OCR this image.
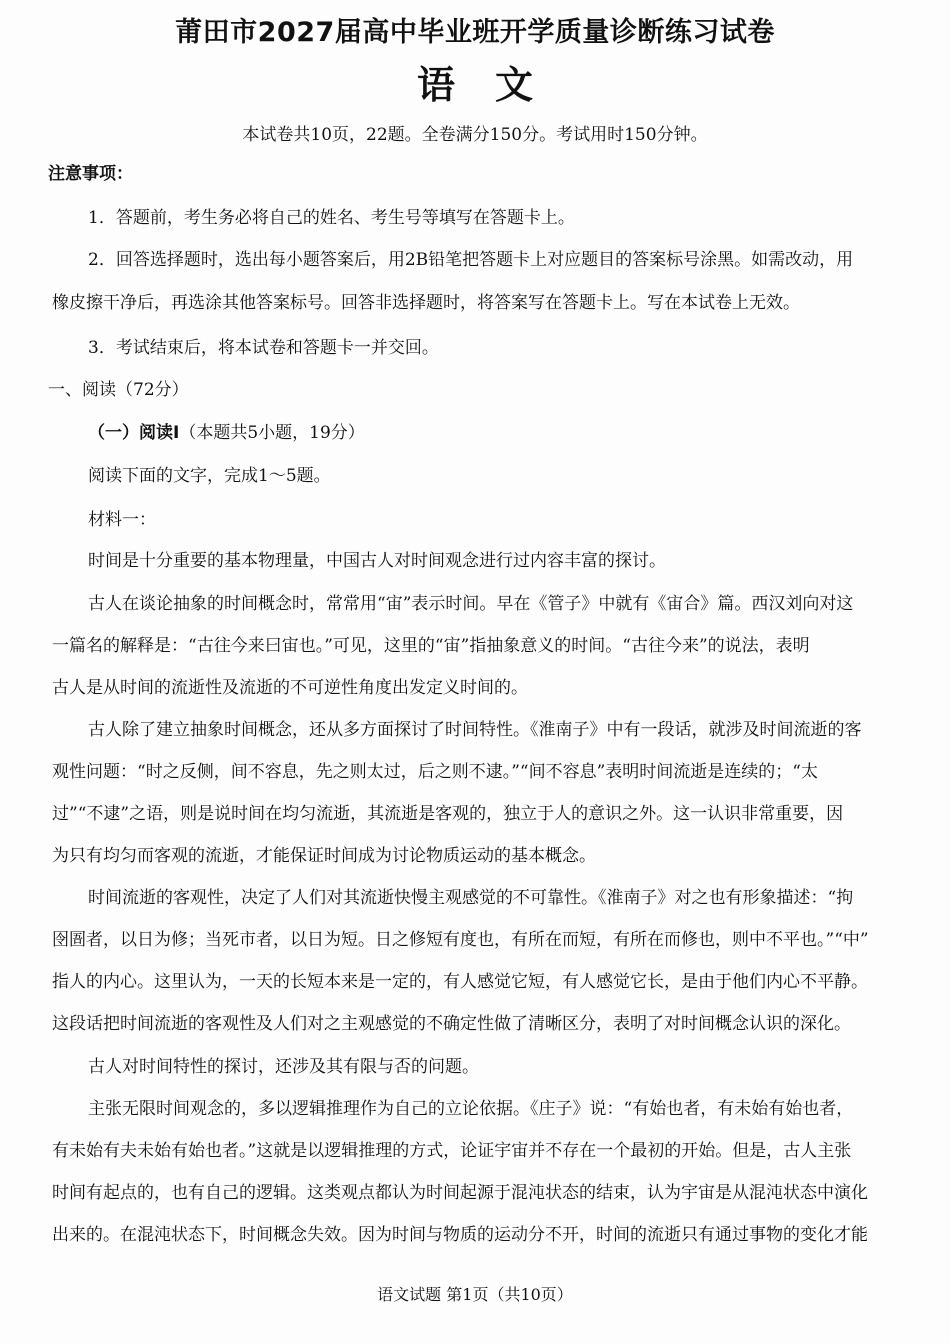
莆田市2027届高中毕业班开学质量诊断练习试卷
语文
本试卷共10页，22题。全卷满分150分。考试用时150分钟。
注意事项：
1．答题前，考生务必将自己的姓名、考生号等填写在答题卡上。
2．回答选择题时，选出每小题答案后，用2B铅笔把答题卡上对应题目的答案标号涂黑。如需改动，用
橡皮擦干净后，再选涂其他答案标号。回答非选择题时，将答案写在答题卡上。写在本试卷上无效。
3．考试结束后，将本试卷和答题卡一并交回。
一、阅读（72分）
（一）阅读Ⅰ（本题共5小题，19分）
阅读下面的文字，完成1～5题。
材料一：
时间是十分重要的基本物理量，中国古人对时间观念进行过内容丰富的探讨。
古人在谈论抽象的时间概念时，常常用“宙”表示时间。早在《管子》中就有《宙合》篇。西汉刘向对这
一篇名的解释是：“古往今来曰宙也。”可见，这里的“宙”指抽象意义的时间。“古往今来”的说法，表明
古人是从时间的流逝性及流逝的不可逆性角度出发定义时间的。
古人除了建立抽象时间概念，还从多方面探讨了时间特性。《淮南子》中有一段话，就涉及时间流逝的客
观性问题：“时之反侧，间不容息，先之则太过，后之则不逮。”“间不容息”表明时间流逝是连续的；“太
过”“不逮”之语，则是说时间在均匀流逝，其流逝是客观的，独立于人的意识之外。这一认识非常重要，因
为只有均匀而客观的流逝，才能保证时间成为讨论物质运动的基本概念。
时间流逝的客观性，决定了人们对其流逝快慢主观感觉的不可靠性。《淮南子》对之也有形象描述：“拘
囹圄者，以日为修；当死市者，以日为短。日之修短有度也，有所在而短，有所在而修也，则中不平也。”“中”
指人的内心。这里认为，一天的长短本来是一定的，有人感觉它短，有人感觉它长，是由于他们内心不平静。
这段话把时间流逝的客观性及人们对之主观感觉的不确定性做了清晰区分，表明了对时间概念认识的深化。
古人对时间特性的探讨，还涉及其有限与否的问题。
主张无限时间观念的，多以逻辑推理作为自己的立论依据。《庄子》说：“有始也者，有未始有始也者，
有未始有夫未始有始也者。”这就是以逻辑推理的方式，论证宇宙并不存在一个最初的开始。但是，古人主张
时间有起点的，也有自己的逻辑。这类观点都认为时间起源于混沌状态的结束，认为宇宙是从混沌状态中演化
出来的。在混沌状态下，时间概念失效。因为时间与物质的运动分不开，时间的流逝只有通过事物的变化才能
语文试题 第1页（共10页）
